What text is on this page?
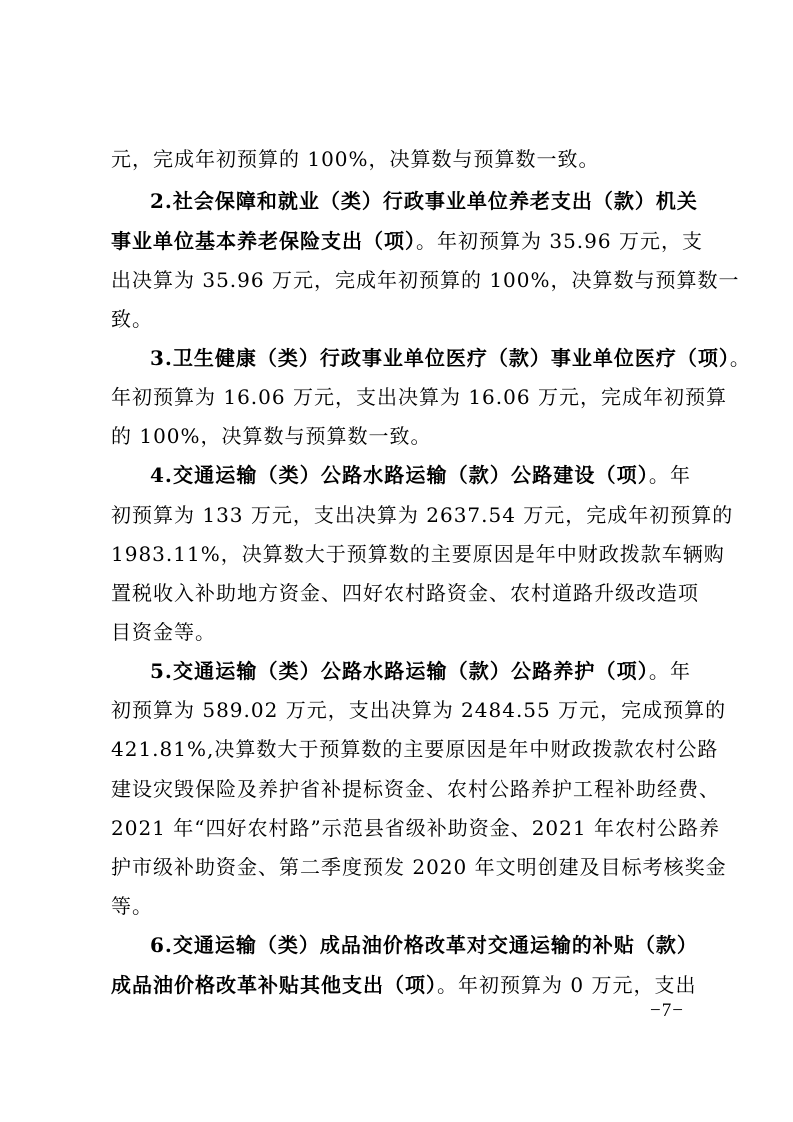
元，完成年初预算的 100%，决算数与预算数一致。
2.社会保障和就业（类）行政事业单位养老支出（款）机关
事业单位基本养老保险支出（项）。年初预算为 35.96 万元，支
出决算为 35.96 万元，完成年初预算的 100%，决算数与预算数一
致。
3.卫生健康（类）行政事业单位医疗（款）事业单位医疗（项）。
年初预算为 16.06 万元，支出决算为 16.06 万元，完成年初预算
的 100%，决算数与预算数一致。
4.交通运输（类）公路水路运输（款）公路建设（项）。年
初预算为 133 万元，支出决算为 2637.54 万元，完成年初预算的
1983.11%，决算数大于预算数的主要原因是年中财政拨款车辆购
置税收入补助地方资金、四好农村路资金、农村道路升级改造项
目资金等。
5.交通运输（类）公路水路运输（款）公路养护（项）。年
初预算为 589.02 万元，支出决算为 2484.55 万元，完成预算的
421.81%,决算数大于预算数的主要原因是年中财政拨款农村公路
建设灾毁保险及养护省补提标资金、农村公路养护工程补助经费、
2021 年“四好农村路”示范县省级补助资金、2021 年农村公路养
护市级补助资金、第二季度预发 2020 年文明创建及目标考核奖金
等。
6.交通运输（类）成品油价格改革对交通运输的补贴（款）
成品油价格改革补贴其他支出（项）。年初预算为 0 万元，支出
−7−
